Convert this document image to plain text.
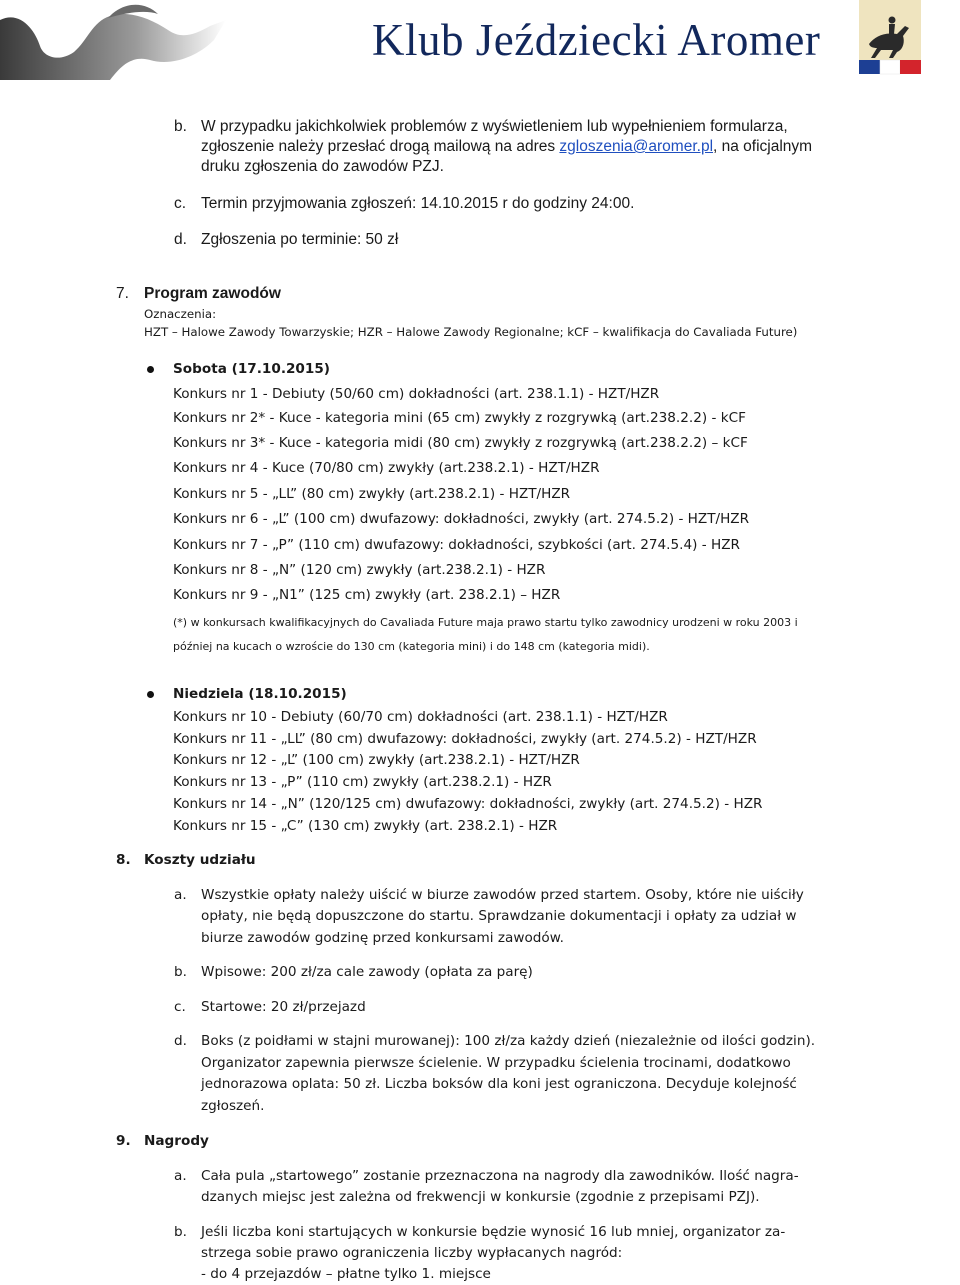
Klub Jeździecki Aromer
b. W przypadku jakichkolwiek problemów z wyświetleniem lub wypełnieniem formularza,
zgłoszenie należy przesłać drogą mailową na adres zgloszenia@aromer.pl, na oficjalnym
druku zgłoszenia do zawodów PZJ.
c. Termin przyjmowania zgłoszeń: 14.10.2015 r do godziny 24:00.
d. Zgłoszenia po terminie: 50 zł
7. Program zawodów
Oznaczenia:
HZT – Halowe Zawody Towarzyskie; HZR – Halowe Zawody Regionalne; kCF – kwalifikacja do Cavaliada Future)
Sobota (17.10.2015)
Konkurs nr 1 - Debiuty (50/60 cm) dokładności (art. 238.1.1) - HZT/HZR
Konkurs nr 2* - Kuce - kategoria mini (65 cm) zwykły z rozgrywką (art.238.2.2) - kCF
Konkurs nr 3* - Kuce - kategoria midi (80 cm) zwykły z rozgrywką (art.238.2.2) – kCF
Konkurs nr 4 - Kuce (70/80 cm) zwykły (art.238.2.1) - HZT/HZR
Konkurs nr 5 - „LL” (80 cm) zwykły (art.238.2.1) - HZT/HZR
Konkurs nr 6 - „L” (100 cm) dwufazowy: dokładności, zwykły (art. 274.5.2) - HZT/HZR
Konkurs nr 7 - „P” (110 cm) dwufazowy: dokładności, szybkości (art. 274.5.4) - HZR
Konkurs nr 8 - „N” (120 cm) zwykły (art.238.2.1) - HZR
Konkurs nr 9 - „N1” (125 cm) zwykły (art. 238.2.1) – HZR
(*) w konkursach kwalifikacyjnych do Cavaliada Future maja prawo startu tylko zawodnicy urodzeni w roku 2003 i
później na kucach o wzroście do 130 cm (kategoria mini) i do 148 cm (kategoria midi).
Niedziela (18.10.2015)
Konkurs nr 10 - Debiuty (60/70 cm) dokładności (art. 238.1.1) - HZT/HZR
Konkurs nr 11 - „LL” (80 cm) dwufazowy: dokładności, zwykły (art. 274.5.2) - HZT/HZR
Konkurs nr 12 - „L” (100 cm) zwykły (art.238.2.1) - HZT/HZR
Konkurs nr 13 - „P” (110 cm) zwykły (art.238.2.1) - HZR
Konkurs nr 14 - „N” (120/125 cm) dwufazowy: dokładności, zwykły (art. 274.5.2) - HZR
Konkurs nr 15 - „C” (130 cm) zwykły (art. 238.2.1) - HZR
8. Koszty udziału
a. Wszystkie opłaty należy uiścić w biurze zawodów przed startem. Osoby, które nie uiściły
opłaty, nie będą dopuszczone do startu. Sprawdzanie dokumentacji i opłaty za udział w
biurze zawodów godzinę przed konkursami zawodów.
b. Wpisowe: 200 zł/za cale zawody (opłata za parę)
c. Startowe: 20 zł/przejazd
d. Boks (z poidłami w stajni murowanej): 100 zł/za każdy dzień (niezależnie od ilości godzin).
Organizator zapewnia pierwsze ścielenie. W przypadku ścielenia trocinami, dodatkowo
jednorazowa oplata: 50 zł. Liczba boksów dla koni jest ograniczona. Decyduje kolejność
zgłoszeń.
9. Nagrody
a. Cała pula „startowego” zostanie przeznaczona na nagrody dla zawodników. Ilość nagra-
dzanych miejsc jest zależna od frekwencji w konkursie (zgodnie z przepisami PZJ).
b. Jeśli liczba koni startujących w konkursie będzie wynosić 16 lub mniej, organizator za-
strzega sobie prawo ograniczenia liczby wypłacanych nagród:
- do 4 przejazdów – płatne tylko 1. miejsce
